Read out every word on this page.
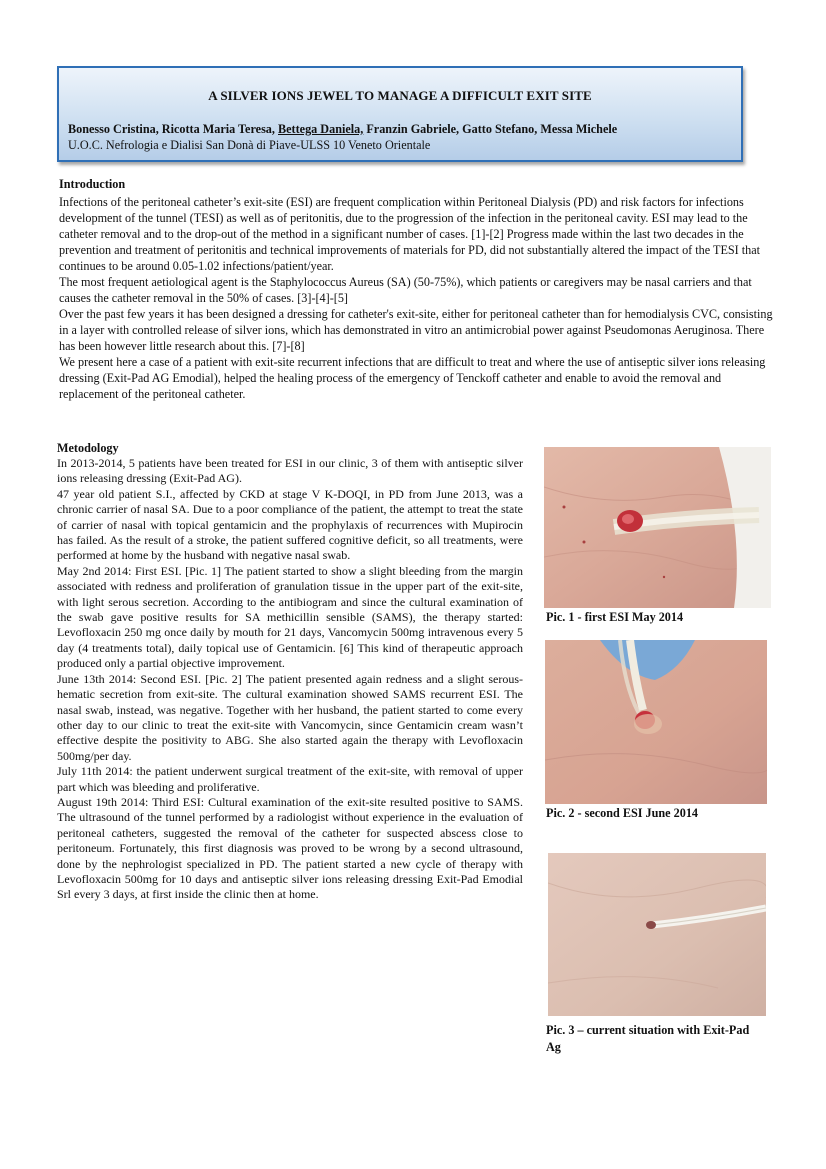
A SILVER IONS JEWEL TO MANAGE A DIFFICULT EXIT SITE
Bonesso Cristina, Ricotta Maria Teresa, Bettega Daniela, Franzin Gabriele, Gatto Stefano, Messa Michele
U.O.C. Nefrologia e Dialisi San Donà di Piave-ULSS 10 Veneto Orientale

Introduction

Infections of the peritoneal catheter’s exit-site (ESI) are frequent complication within Peritoneal Dialysis (PD) and risk factors for infections development of the tunnel (TESI) as well as of peritonitis, due to the progression of the infection in the peritoneal cavity. ESI may lead to the catheter removal and to the drop-out of the method in a significant number of cases. [1]-[2] Progress made within the last two decades in the prevention and treatment of peritonitis and technical improvements of materials for PD, did not substantially altered the impact of the TESI that continues to be around 0.05-1.02 infections/patient/year.

The most frequent aetiological agent is the Staphylococcus Aureus (SA) (50-75%), which patients or caregivers may be nasal carriers and that causes the catheter removal in the 50% of cases. [3]-[4]-[5]

Over the past few years it has been designed a dressing for catheter's exit-site, either for peritoneal catheter than for hemodialysis CVC, consisting in a layer with controlled release of silver ions, which has demonstrated in vitro an antimicrobial power against Pseudomonas Aeruginosa. There has been however little research about this. [7]-[8]

We present here a case of a patient with exit-site recurrent infections that are difficult to treat and where the use of antiseptic silver ions releasing dressing (Exit-Pad AG Emodial), helped the healing process of the emergency of Tenckoff catheter and enable to avoid the removal and replacement of the peritoneal catheter.

Metodology

In 2013-2014, 5 patients have been treated for ESI in our clinic, 3 of them with antiseptic silver ions releasing dressing (Exit-Pad AG).

47 year old patient S.I., affected by CKD at stage V K-DOQI, in PD from June 2013, was a chronic carrier of nasal SA. Due to a poor compliance of the patient, the attempt to treat the state of carrier of nasal with topical gentamicin and the prophylaxis of recurrences with Mupirocin has failed. As the result of a stroke, the patient suffered cognitive deficit, so all treatments, were performed at home by the husband with negative nasal swab.

May 2nd 2014: First ESI. [Pic. 1] The patient started to show a slight bleeding from the margin associated with redness and proliferation of granulation tissue in the upper part of the exit-site, with light serous secretion. According to the antibiogram and since the cultural examination of the swab gave positive results for SA methicillin sensible (SAMS), the therapy started: Levofloxacin 250 mg once daily by mouth for 21 days, Vancomycin 500mg intravenous every 5 day (4 treatments total), daily topical use of Gentamicin. [6] This kind of therapeutic approach produced only a partial objective improvement.

June 13th 2014: Second ESI. [Pic. 2] The patient presented again redness and a slight serous-hematic secretion from exit-site. The cultural examination showed SAMS recurrent ESI. The nasal swab, instead, was negative. Together with her husband, the patient started to come every other day to our clinic to treat the exit-site with Vancomycin, since Gentamicin cream wasn’t effective despite the positivity to ABG. She also started again the therapy with Levofloxacin 500mg/per day.

July 11th 2014: the patient underwent surgical treatment of the exit-site, with removal of upper part which was bleeding and proliferative.

August 19th 2014: Third ESI: Cultural examination of the exit-site resulted positive to SAMS. The ultrasound of the tunnel performed by a radiologist without experience in the evaluation of peritoneal catheters, suggested the removal of the catheter for suspected abscess close to peritoneum. Fortunately, this first diagnosis was proved to be wrong by a second ultrasound, done by the nephrologist specialized in PD. The patient started a new cycle of therapy with Levofloxacin 500mg for 10 days and antiseptic silver ions releasing dressing Exit-Pad Emodial Srl every 3 days, at first inside the clinic then at home.

Pic. 1 - first ESI May 2014

Pic. 2 - second ESI June 2014

Pic. 3 – current situation with Exit-Pad Ag
